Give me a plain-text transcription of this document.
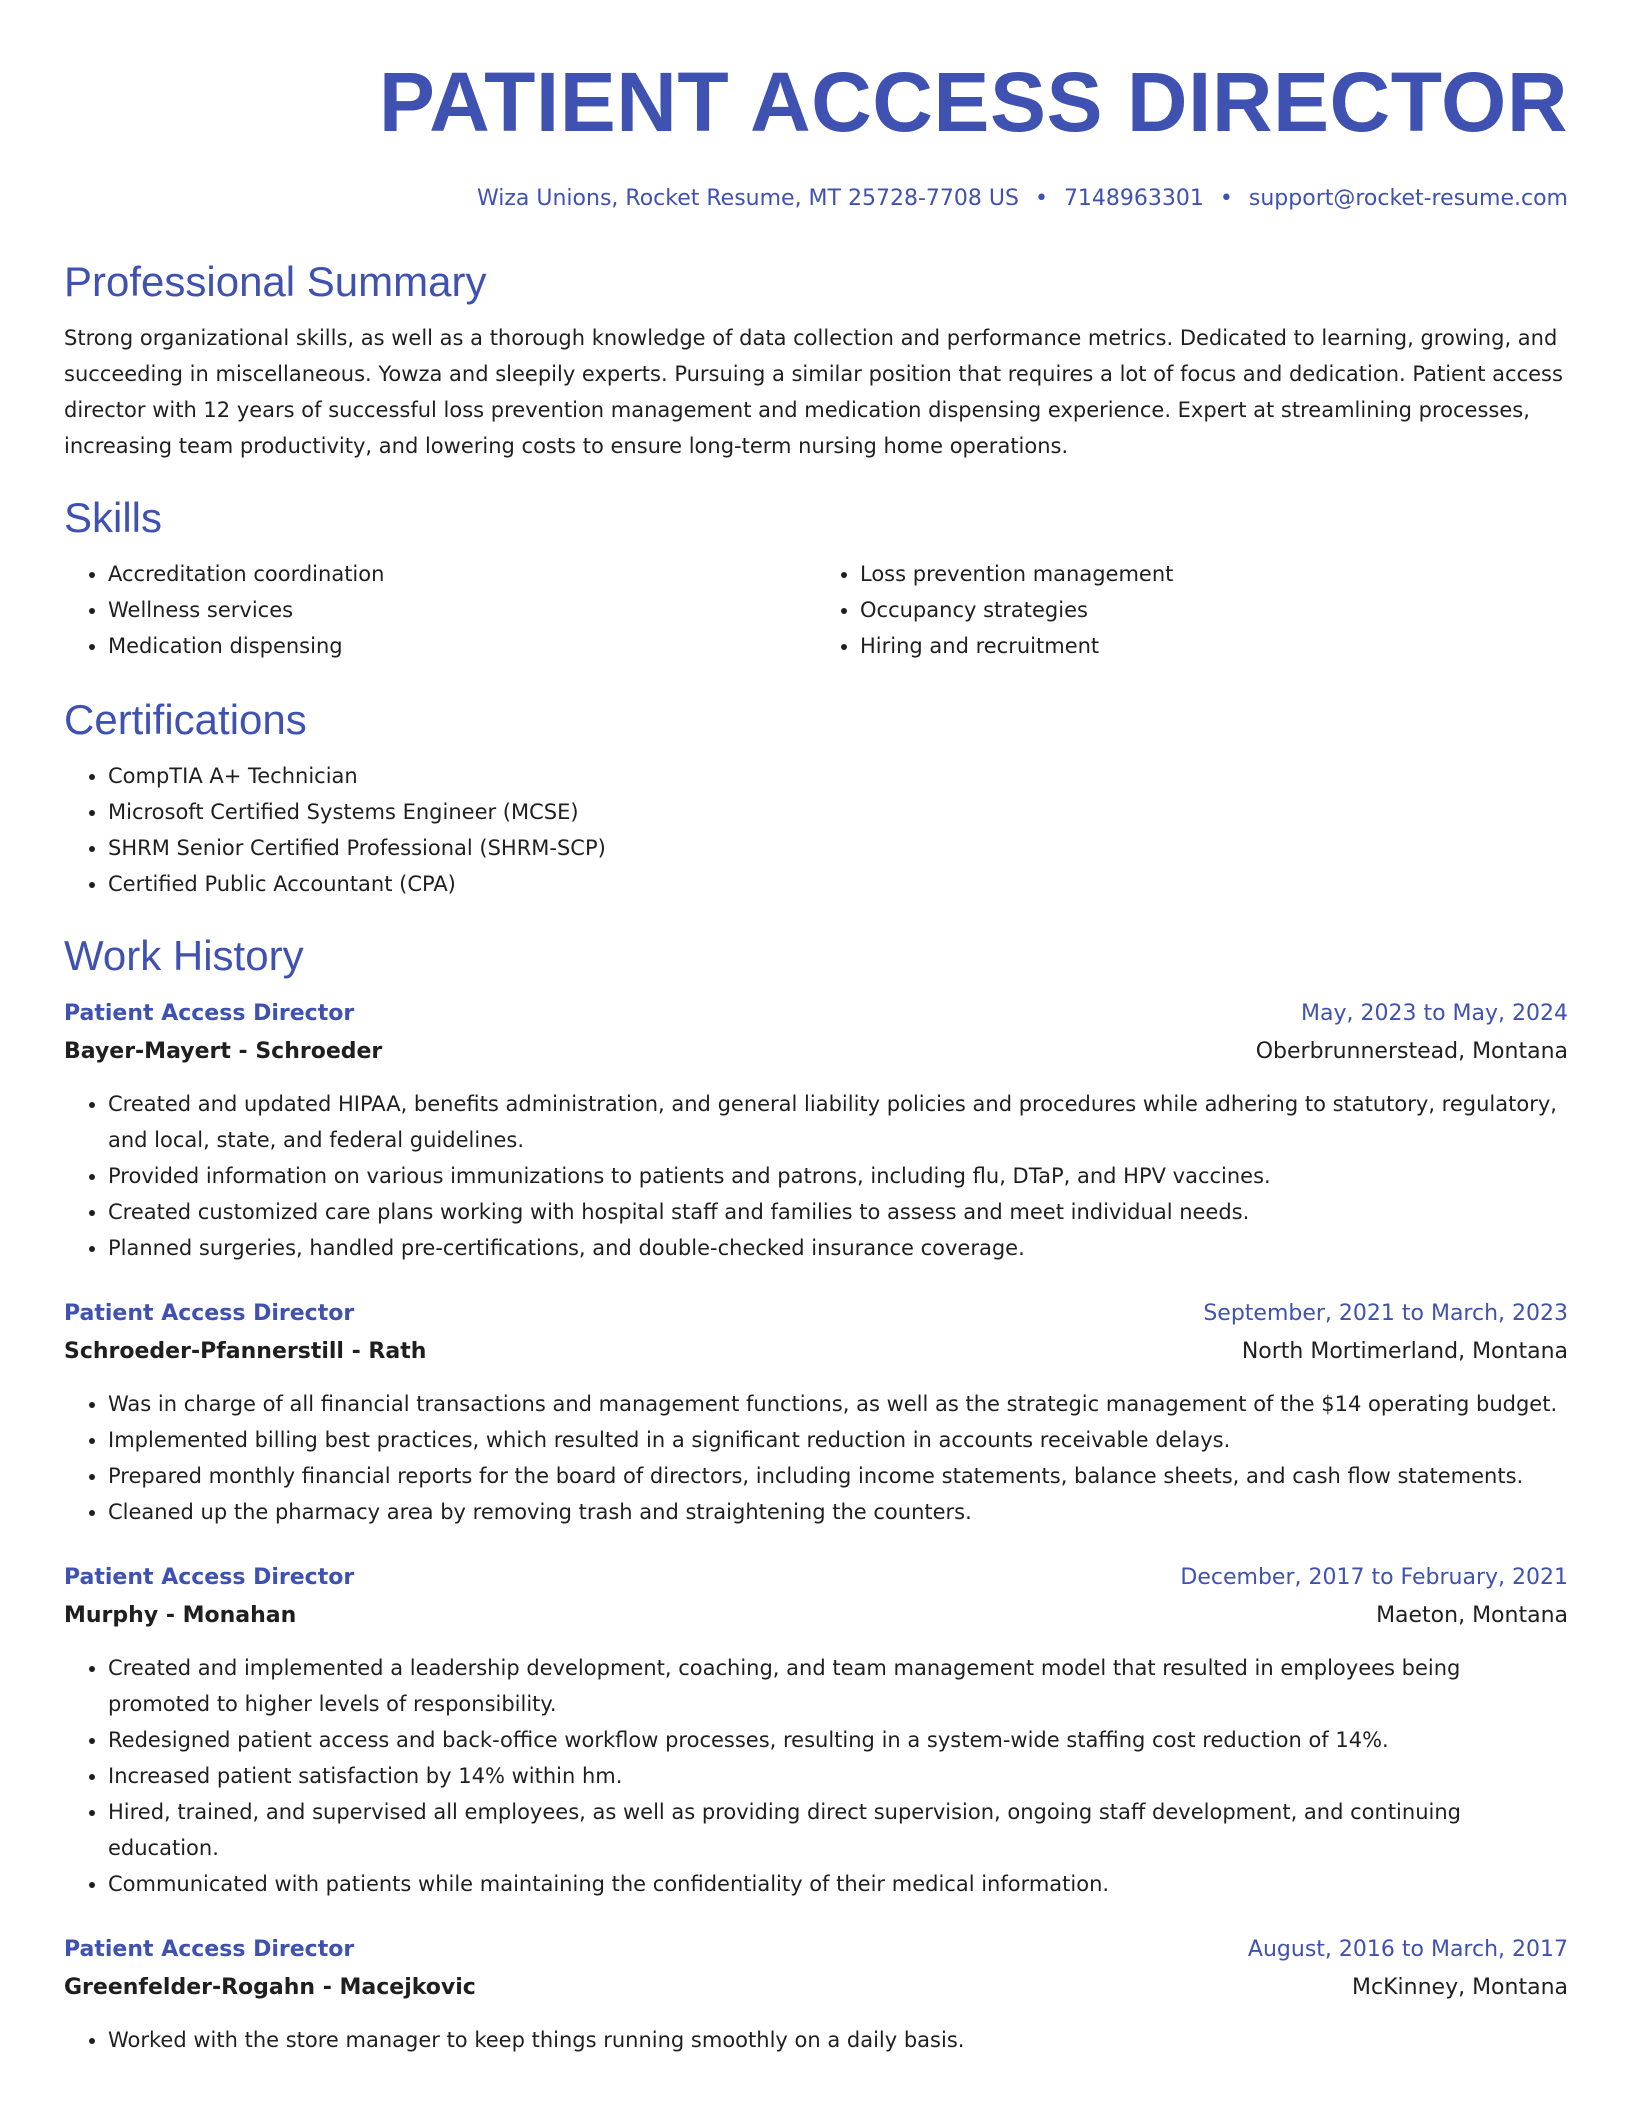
PATIENT ACCESS DIRECTOR
Wiza Unions, Rocket Resume, MT 25728-7708 US • 7148963301 • support@rocket-resume.com
Professional Summary

Strong organizational skills, as well as a thorough knowledge of data collection and performance metrics. Dedicated to learning, growing, and succeeding in miscellaneous. Yowza and sleepily experts. Pursuing a similar position that requires a lot of focus and dedication. Patient access director with 12 years of successful loss prevention management and medication dispensing experience. Expert at streamlining processes, increasing team productivity, and lowering costs to ensure long-term nursing home operations.

Skills
• Accreditation coordination
• Wellness services
• Medication dispensing
• Loss prevention management
• Occupancy strategies
• Hiring and recruitment
Certifications
• CompTIA A+ Technician
• Microsoft Certified Systems Engineer (MCSE)
• SHRM Senior Certified Professional (SHRM-SCP)
• Certified Public Accountant (CPA)
Work History
Patient Access Director	May, 2023 to May, 2024
Bayer-Mayert - Schroeder	Oberbrunnerstead, Montana
• Created and updated HIPAA, benefits administration, and general liability policies and procedures while adhering to statutory, regulatory, and local, state, and federal guidelines.
• Provided information on various immunizations to patients and patrons, including flu, DTaP, and HPV vaccines.
• Created customized care plans working with hospital staff and families to assess and meet individual needs.
• Planned surgeries, handled pre-certifications, and double-checked insurance coverage.
Patient Access Director	September, 2021 to March, 2023
Schroeder-Pfannerstill - Rath	North Mortimerland, Montana
• Was in charge of all financial transactions and management functions, as well as the strategic management of the $14 operating budget.
• Implemented billing best practices, which resulted in a significant reduction in accounts receivable delays.
• Prepared monthly financial reports for the board of directors, including income statements, balance sheets, and cash flow statements.
• Cleaned up the pharmacy area by removing trash and straightening the counters.
Patient Access Director	December, 2017 to February, 2021
Murphy - Monahan	Maeton, Montana
• Created and implemented a leadership development, coaching, and team management model that resulted in employees being promoted to higher levels of responsibility.
• Redesigned patient access and back-office workflow processes, resulting in a system-wide staffing cost reduction of 14%.
• Increased patient satisfaction by 14% within hm.
• Hired, trained, and supervised all employees, as well as providing direct supervision, ongoing staff development, and continuing education.
• Communicated with patients while maintaining the confidentiality of their medical information.
Patient Access Director	August, 2016 to March, 2017
Greenfelder-Rogahn - Macejkovic	McKinney, Montana
• Worked with the store manager to keep things running smoothly on a daily basis.
